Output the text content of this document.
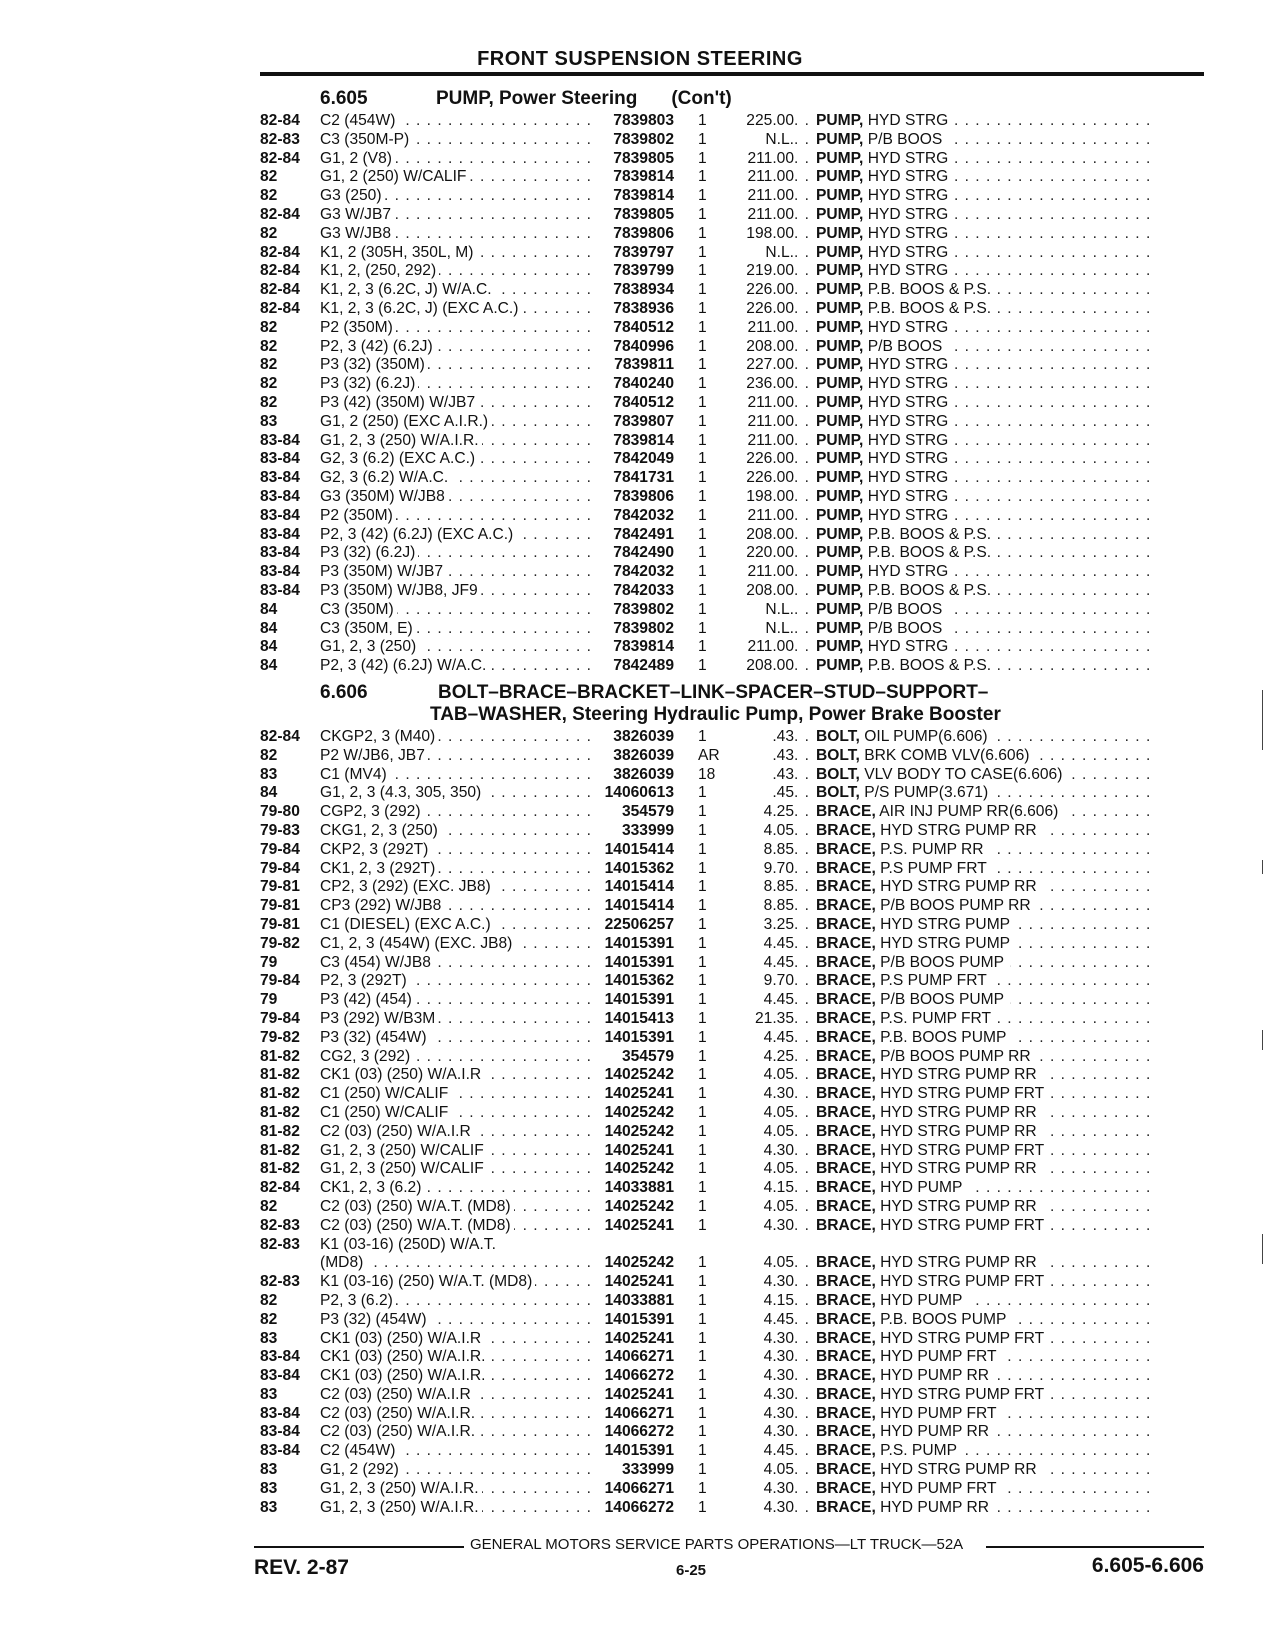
FRONT SUSPENSION STEERING
6.605	PUMP, Power Steering (Con't)
82-84	C2 (454W) . . .	7839803	1	225.00	PUMP, HYD STRG . . .
82-83	C3 (350M-P) . . .	7839802	1	N.L.	PUMP, P/B BOOS . . .
82-84	G1, 2 (V8) . . .	7839805	1	211.00	PUMP, HYD STRG . . .
82	G1, 2 (250) W/CALIF . . .	7839814	1	211.00	PUMP, HYD STRG . . .
82	G3 (250) . . .	7839814	1	211.00	PUMP, HYD STRG . . .
82-84	G3 W/JB7 . . .	7839805	1	211.00	PUMP, HYD STRG . . .
82	G3 W/JB8 . . .	7839806	1	198.00	PUMP, HYD STRG . . .
82-84	K1, 2 (305H, 350L, M) . . .	7839797	1	N.L.	PUMP, HYD STRG . . .
82-84	K1, 2, (250, 292) . . .	7839799	1	219.00	PUMP, HYD STRG . . .
82-84	K1, 2, 3 (6.2C, J) W/A.C. . . .	7838934	1	226.00	PUMP, P.B. BOOS & P.S. . . .
82-84	K1, 2, 3 (6.2C, J) (EXC A.C.) . . .	7838936	1	226.00	PUMP, P.B. BOOS & P.S. . . .
82	P2 (350M) . . .	7840512	1	211.00	PUMP, HYD STRG . . .
82	P2, 3 (42) (6.2J) . . .	7840996	1	208.00	PUMP, P/B BOOS . . .
82	P3 (32) (350M) . . .	7839811	1	227.00	PUMP, HYD STRG . . .
82	P3 (32) (6.2J) . . .	7840240	1	236.00	PUMP, HYD STRG . . .
82	P3 (42) (350M) W/JB7 . . .	7840512	1	211.00	PUMP, HYD STRG . . .
83	G1, 2 (250) (EXC A.I.R.) . . .	7839807	1	211.00	PUMP, HYD STRG . . .
83-84	G1, 2, 3 (250) W/A.I.R. . . .	7839814	1	211.00	PUMP, HYD STRG . . .
83-84	G2, 3 (6.2) (EXC A.C.) . . .	7842049	1	226.00	PUMP, HYD STRG . . .
83-84	G2, 3 (6.2) W/A.C. . . .	7841731	1	226.00	PUMP, HYD STRG . . .
83-84	G3 (350M) W/JB8 . . .	7839806	1	198.00	PUMP, HYD STRG . . .
83-84	P2 (350M) . . .	7842032	1	211.00	PUMP, HYD STRG . . .
83-84	P2, 3 (42) (6.2J) (EXC A.C.) . . .	7842491	1	208.00	PUMP, P.B. BOOS & P.S. . . .
83-84	P3 (32) (6.2J) . . .	7842490	1	220.00	PUMP, P.B. BOOS & P.S. . . .
83-84	P3 (350M) W/JB7 . . .	7842032	1	211.00	PUMP, HYD STRG . . .
83-84	P3 (350M) W/JB8, JF9 . . .	7842033	1	208.00	PUMP, P.B. BOOS & P.S. . . .
84	C3 (350M) . . .	7839802	1	N.L.	PUMP, P/B BOOS . . .
84	C3 (350M, E) . . .	7839802	1	N.L.	PUMP, P/B BOOS . . .
84	G1, 2, 3 (250) . . .	7839814	1	211.00	PUMP, HYD STRG . . .
84	P2, 3 (42) (6.2J) W/A.C. . . .	7842489	1	208.00	PUMP, P.B. BOOS & P.S. . . .
6.606	BOLT–BRACE–BRACKET–LINK–SPACER–STUD–SUPPORT–
TAB–WASHER, Steering Hydraulic Pump, Power Brake Booster
82-84	CKGP2, 3 (M40) . . .	3826039	1	.43	BOLT, OIL PUMP(6.606) . . .
82	P2 W/JB6, JB7 . . .	3826039	AR	.43	BOLT, BRK COMB VLV(6.606) . . .
83	C1 (MV4) . . .	3826039	18	.43	BOLT, VLV BODY TO CASE(6.606) . . .
84	G1, 2, 3 (4.3, 305, 350) . . .	14060613	1	.45	BOLT, P/S PUMP(3.671) . . .
79-80	CGP2, 3 (292) . . .	354579	1	4.25	BRACE, AIR INJ PUMP RR(6.606) . . .
79-83	CKG1, 2, 3 (250) . . .	333999	1	4.05	BRACE, HYD STRG PUMP RR . . .
79-84	CKP2, 3 (292T) . . .	14015414	1	8.85	BRACE, P.S. PUMP RR . . .
79-84	CK1, 2, 3 (292T) . . .	14015362	1	9.70	BRACE, P.S PUMP FRT . . .
79-81	CP2, 3 (292) (EXC. JB8) . . .	14015414	1	8.85	BRACE, HYD STRG PUMP RR . . .
79-81	CP3 (292) W/JB8 . . .	14015414	1	8.85	BRACE, P/B BOOS PUMP RR . . .
79-81	C1 (DIESEL) (EXC A.C.) . . .	22506257	1	3.25	BRACE, HYD STRG PUMP . . .
79-82	C1, 2, 3 (454W) (EXC. JB8) . . .	14015391	1	4.45	BRACE, HYD STRG PUMP . . .
79	C3 (454) W/JB8 . . .	14015391	1	4.45	BRACE, P/B BOOS PUMP . . .
79-84	P2, 3 (292T) . . .	14015362	1	9.70	BRACE, P.S PUMP FRT . . .
79	P3 (42) (454) . . .	14015391	1	4.45	BRACE, P/B BOOS PUMP . . .
79-84	P3 (292) W/B3M . . .	14015413	1	21.35	BRACE, P.S. PUMP FRT . . .
79-82	P3 (32) (454W) . . .	14015391	1	4.45	BRACE, P.B. BOOS PUMP . . .
81-82	CG2, 3 (292) . . .	354579	1	4.25	BRACE, P/B BOOS PUMP RR . . .
81-82	CK1 (03) (250) W/A.I.R . . .	14025242	1	4.05	BRACE, HYD STRG PUMP RR . . .
81-82	C1 (250) W/CALIF . . .	14025241	1	4.30	BRACE, HYD STRG PUMP FRT . . .
81-82	C1 (250) W/CALIF . . .	14025242	1	4.05	BRACE, HYD STRG PUMP RR . . .
81-82	C2 (03) (250) W/A.I.R . . .	14025242	1	4.05	BRACE, HYD STRG PUMP RR . . .
81-82	G1, 2, 3 (250) W/CALIF . . .	14025241	1	4.30	BRACE, HYD STRG PUMP FRT . . .
81-82	G1, 2, 3 (250) W/CALIF . . .	14025242	1	4.05	BRACE, HYD STRG PUMP RR . . .
82-84	CK1, 2, 3 (6.2) . . .	14033881	1	4.15	BRACE, HYD PUMP . . .
82	C2 (03) (250) W/A.T. (MD8) . . .	14025242	1	4.05	BRACE, HYD STRG PUMP RR . . .
82-83	C2 (03) (250) W/A.T. (MD8) . . .	14025241	1	4.30	BRACE, HYD STRG PUMP FRT . . .
82-83	K1 (03-16) (250D) W/A.T.
(MD8) . . .	14025242	1	4.05	BRACE, HYD STRG PUMP RR . . .
82-83	K1 (03-16) (250) W/A.T. (MD8) . . .	14025241	1	4.30	BRACE, HYD STRG PUMP FRT . . .
82	P2, 3 (6.2) . . .	14033881	1	4.15	BRACE, HYD PUMP . . .
82	P3 (32) (454W) . . .	14015391	1	4.45	BRACE, P.B. BOOS PUMP . . .
83	CK1 (03) (250) W/A.I.R . . .	14025241	1	4.30	BRACE, HYD STRG PUMP FRT . . .
83-84	CK1 (03) (250) W/A.I.R. . . .	14066271	1	4.30	BRACE, HYD PUMP FRT . . .
83-84	CK1 (03) (250) W/A.I.R. . . .	14066272	1	4.30	BRACE, HYD PUMP RR . . .
83	C2 (03) (250) W/A.I.R . . .	14025241	1	4.30	BRACE, HYD STRG PUMP FRT . . .
83-84	C2 (03) (250) W/A.I.R. . . .	14066271	1	4.30	BRACE, HYD PUMP FRT . . .
83-84	C2 (03) (250) W/A.I.R. . . .	14066272	1	4.30	BRACE, HYD PUMP RR . . .
83-84	C2 (454W) . . .	14015391	1	4.45	BRACE, P.S. PUMP . . .
83	G1, 2 (292) . . .	333999	1	4.05	BRACE, HYD STRG PUMP RR . . .
83	G1, 2, 3 (250) W/A.I.R. . . .	14066271	1	4.30	BRACE, HYD PUMP FRT . . .
83	G1, 2, 3 (250) W/A.I.R. . . .	14066272	1	4.30	BRACE, HYD PUMP RR . . .
GENERAL MOTORS SERVICE PARTS OPERATIONS—LT TRUCK—52A
REV. 2-87	6-25	6.605-6.606
